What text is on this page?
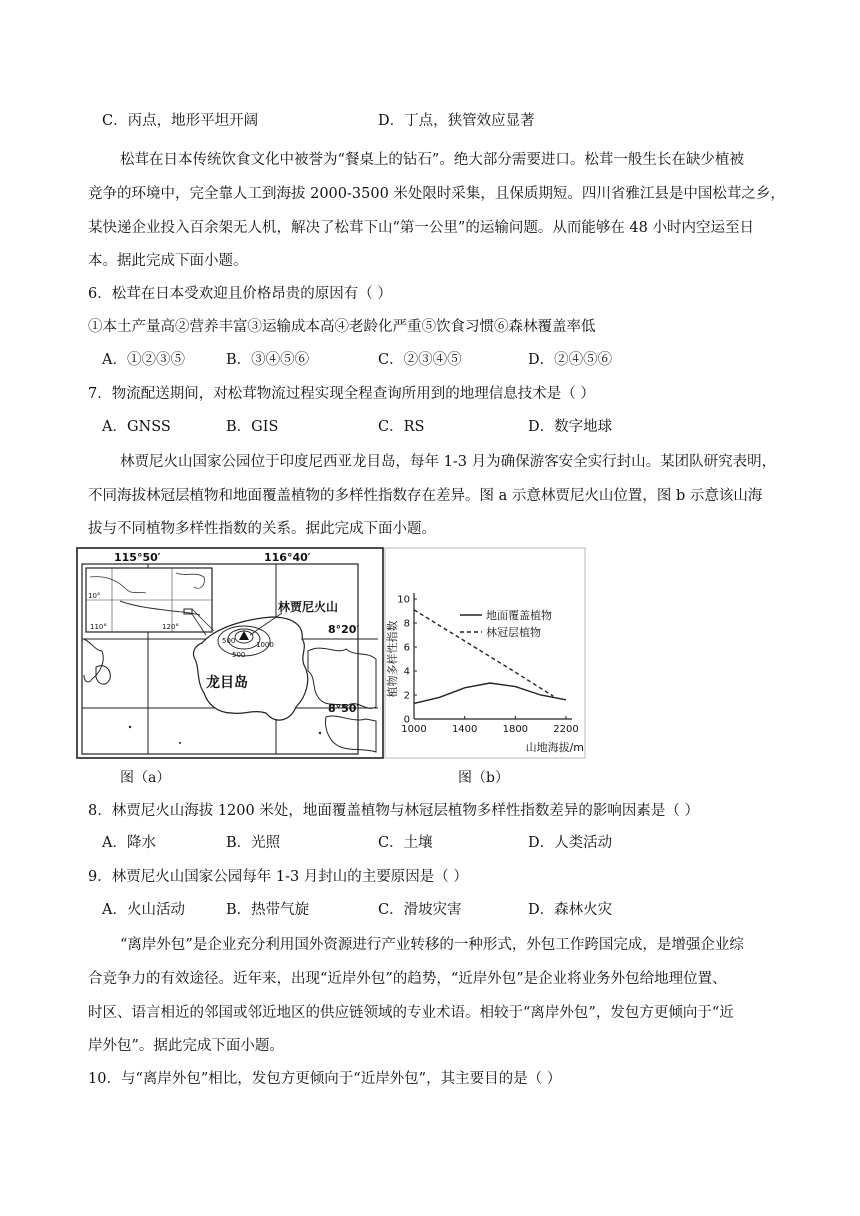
C．丙点，地形平坦开阔	D．丁点，狭管效应显著
松茸在日本传统饮食文化中被誉为“餐桌上的钻石”。绝大部分需要进口。松茸一般生长在缺少植被
竞争的环境中，完全靠人工到海拔 2000-3500 米处限时采集，且保质期短。四川省雅江县是中国松茸之乡，
某快递企业投入百余架无人机，解决了松茸下山“第一公里”的运输问题。从而能够在 48 小时内空运至日
本。据此完成下面小题。
6．松茸在日本受欢迎且价格昂贵的原因有（ ）
①本土产量高②营养丰富③运输成本高④老龄化严重⑤饮食习惯⑥森林覆盖率低
A．①②③⑤	B．③④⑤⑥	C．②③④⑤	D．②④⑤⑥
7．物流配送期间，对松茸物流过程实现全程查询所用到的地理信息技术是（ ）
A．GNSS	B．GIS	C．RS	D．数字地球
林贾尼火山国家公园位于印度尼西亚龙目岛，每年 1-3 月为确保游客安全实行封山。某团队研究表明，
不同海拔林冠层植物和地面覆盖植物的多样性指数存在差异。图 a 示意林贾尼火山位置，图 b 示意该山海
拔与不同植物多样性指数的关系。据此完成下面小题。
110°	120°
10°
500
1000
500
115°50′	116°40′
8°20′
8°50′
林贾尼火山
龙目岛
图（a）
0
2
4
6
8
10
1000	1400	1800	2200
地面覆盖植物
林冠层植物
植物多样性指数
山地海拔/m
图（b）
8．林贾尼火山海拔 1200 米处，地面覆盖植物与林冠层植物多样性指数差异的影响因素是（ ）
A．降水	B．光照	C．土壤	D．人类活动
9．林贾尼火山国家公园每年 1-3 月封山的主要原因是（ ）
A．火山活动	B．热带气旋	C．滑坡灾害	D．森林火灾
“离岸外包”是企业充分利用国外资源进行产业转移的一种形式，外包工作跨国完成，是增强企业综
合竞争力的有效途径。近年来，出现“近岸外包”的趋势，“近岸外包”是企业将业务外包给地理位置、
时区、语言相近的邻国或邻近地区的供应链领域的专业术语。相较于“离岸外包”，发包方更倾向于“近
岸外包”。据此完成下面小题。
10．与“离岸外包”相比，发包方更倾向于“近岸外包”，其主要目的是（ ）
